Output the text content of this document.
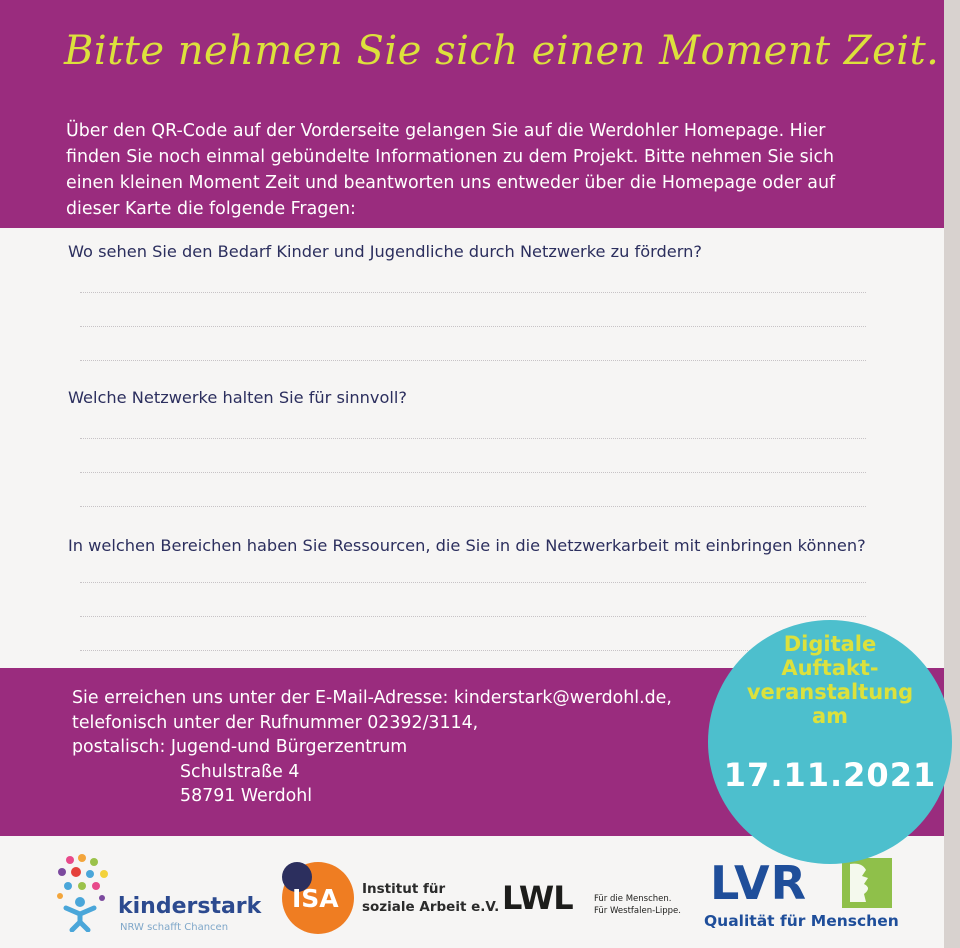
Bitte nehmen Sie sich einen Moment Zeit.
Über den QR-Code auf der Vorderseite gelangen Sie auf die Werdohler Homepage. Hier
finden Sie noch einmal gebündelte Informationen zu dem Projekt. Bitte nehmen Sie sich
einen kleinen Moment Zeit und beantworten uns entweder über die Homepage oder auf
dieser Karte die folgende Fragen:
Wo sehen Sie den Bedarf Kinder und Jugendliche durch Netzwerke zu fördern?
Welche Netzwerke halten Sie für sinnvoll?
In welchen Bereichen haben Sie Ressourcen, die Sie in die Netzwerkarbeit mit einbringen können?
Sie erreichen uns unter der E-Mail-Adresse: kinderstark@werdohl.de,
telefonisch unter der Rufnummer 02392/3114,
postalisch: Jugend-und Bürgerzentrum
Schulstraße 4
58791 Werdohl
kinderstark
NRW schafft Chancen
ISA Institut für
soziale Arbeit e.V. LWL	Für die Menschen.
Für Westfalen-Lippe.
LVR
Qualität für Menschen
Digitale
Auftakt-
veranstaltung
am
17.11.2021
